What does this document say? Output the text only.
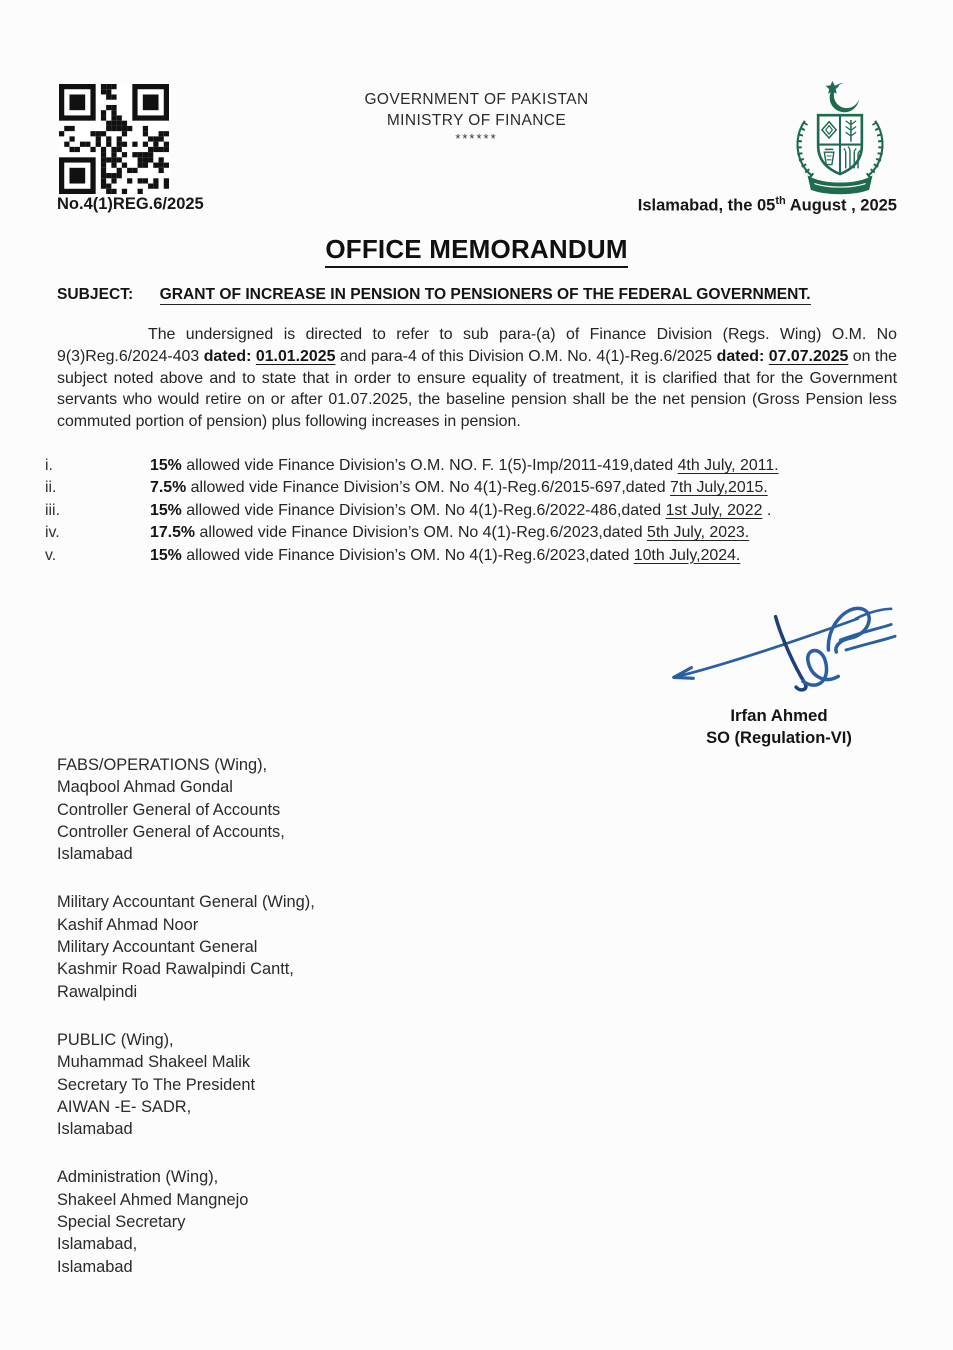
GOVERNMENT OF PAKISTAN
MINISTRY OF FINANCE
******
No.4(1)REG.6/2025	Islamabad, the 05th August , 2025
OFFICE MEMORANDUM
SUBJECT: GRANT OF INCREASE IN PENSION TO PENSIONERS OF THE FEDERAL GOVERNMENT.

The undersigned is directed to refer to sub para-(a) of Finance Division (Regs. Wing) O.M. No 9(3)Reg.6/2024-403 dated: 01.01.2025 and para-4 of this Division O.M. No. 4(1)-Reg.6/2025 dated: 07.07.2025 on the subject noted above and to state that in order to ensure equality of treatment, it is clarified that for the Government servants who would retire on or after 01.07.2025, the baseline pension shall be the net pension (Gross Pension less commuted portion of pension) plus following increases in pension.

i.	15% allowed vide Finance Division’s O.M. NO. F. 1(5)-Imp/2011-419,dated 4th July, 2011.
ii.	7.5% allowed vide Finance Division’s OM. No 4(1)-Reg.6/2015-697,dated 7th July,2015.
iii.	15% allowed vide Finance Division’s OM. No 4(1)-Reg.6/2022-486,dated 1st July, 2022 .
iv.	17.5% allowed vide Finance Division’s OM. No 4(1)-Reg.6/2023,dated 5th July, 2023.
v.	15% allowed vide Finance Division’s OM. No 4(1)-Reg.6/2023,dated 10th July,2024.
Irfan Ahmed
SO (Regulation-VI)
FABS/OPERATIONS (Wing),
Maqbool Ahmad Gondal
Controller General of Accounts
Controller General of Accounts,
Islamabad
Military Accountant General (Wing),
Kashif Ahmad Noor
Military Accountant General
Kashmir Road Rawalpindi Cantt,
Rawalpindi
PUBLIC (Wing),
Muhammad Shakeel Malik
Secretary To The President
AIWAN -E- SADR,
Islamabad
Administration (Wing),
Shakeel Ahmed Mangnejo
Special Secretary
Islamabad,
Islamabad
